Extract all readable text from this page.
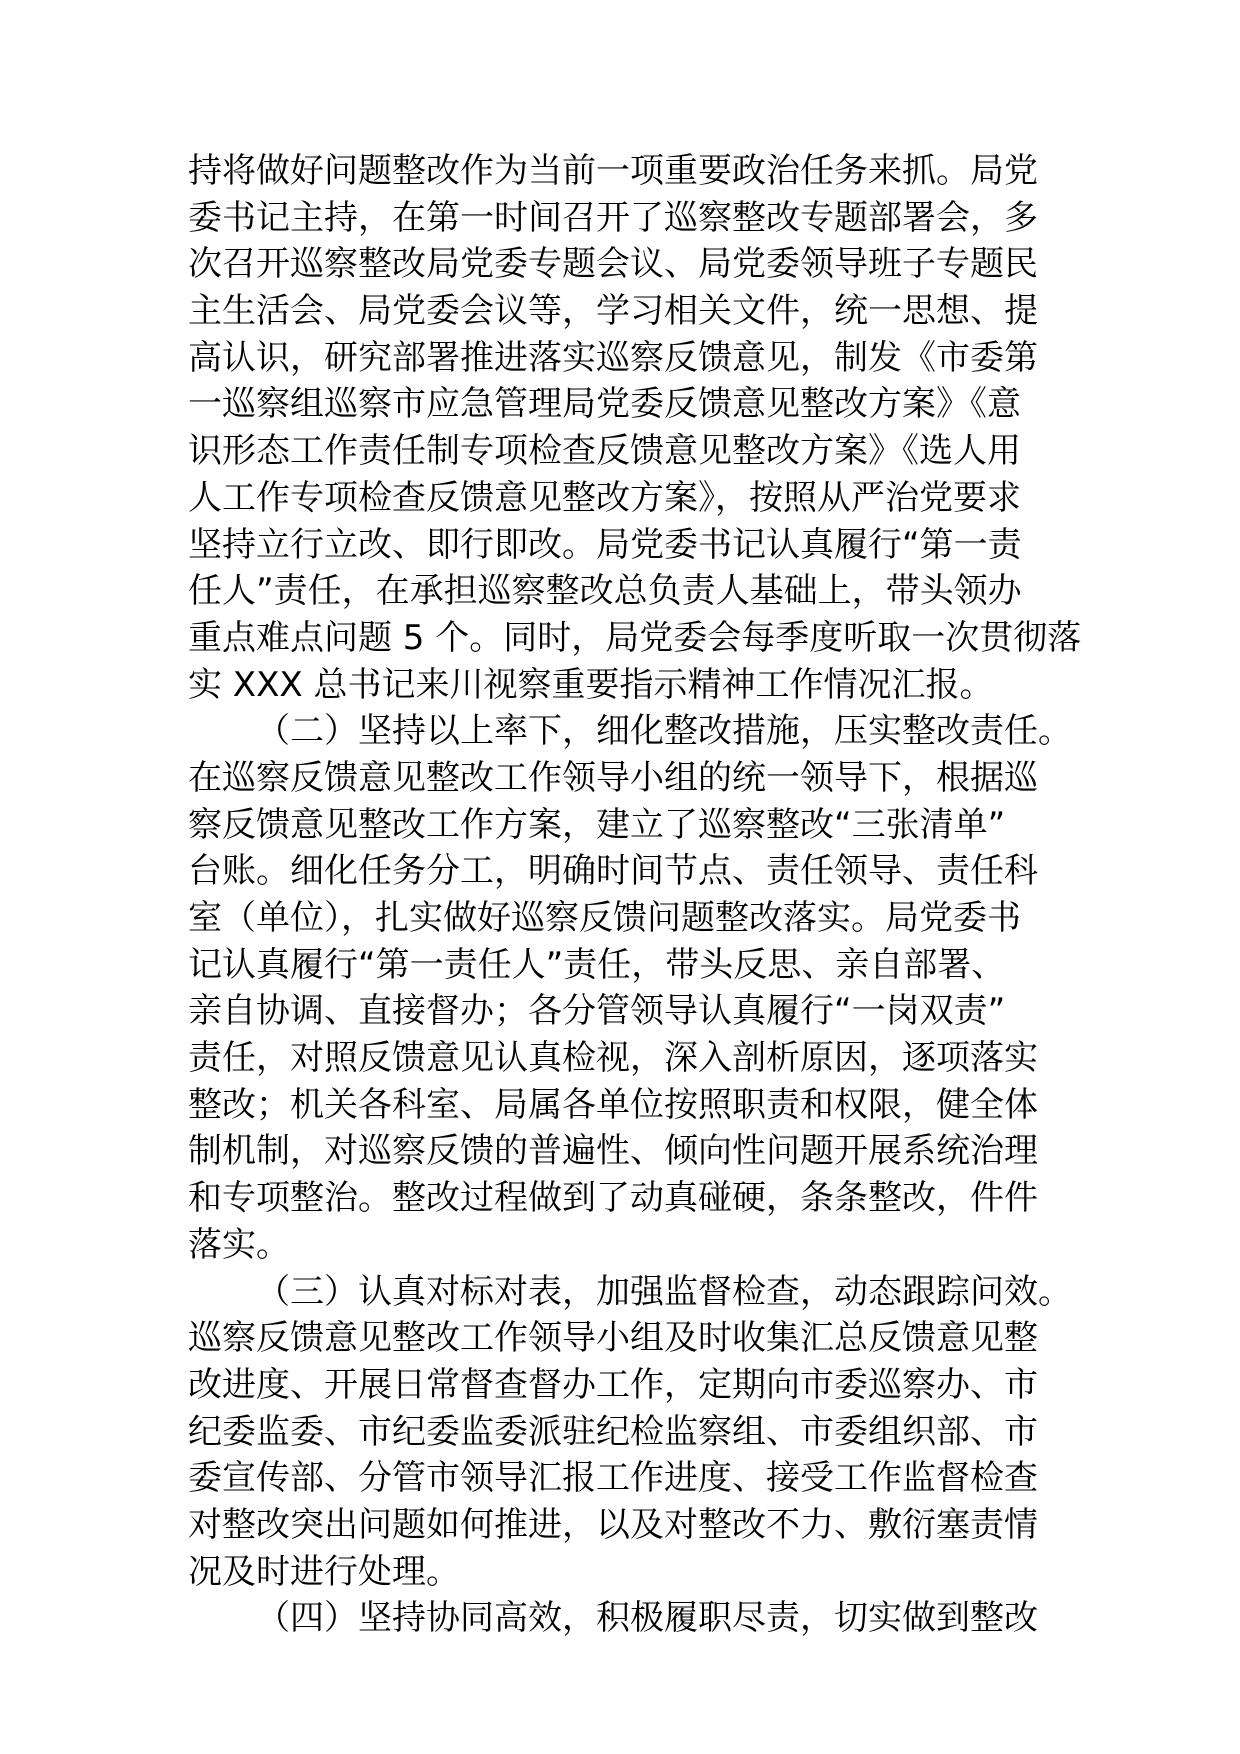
持将做好问题整改作为当前一项重要政治任务来抓。局党
委书记主持，在第一时间召开了巡察整改专题部署会，多
次召开巡察整改局党委专题会议、局党委领导班子专题民
主生活会、局党委会议等，学习相关文件，统一思想、提
高认识，研究部署推进落实巡察反馈意见，制发《市委第
一巡察组巡察市应急管理局党委反馈意见整改方案》《意
识形态工作责任制专项检查反馈意见整改方案》《选人用
人工作专项检查反馈意见整改方案》，按照从严治党要求
坚持立行立改、即行即改。局党委书记认真履行“第一责
任人”责任，在承担巡察整改总负责人基础上，带头领办
重点难点问题 5 个。同时，局党委会每季度听取一次贯彻落
实 XXX 总书记来川视察重要指示精神工作情况汇报。
（二）坚持以上率下，细化整改措施，压实整改责任。
在巡察反馈意见整改工作领导小组的统一领导下，根据巡
察反馈意见整改工作方案，建立了巡察整改“三张清单”
台账。细化任务分工，明确时间节点、责任领导、责任科
室（单位），扎实做好巡察反馈问题整改落实。局党委书
记认真履行“第一责任人”责任，带头反思、亲自部署、
亲自协调、直接督办；各分管领导认真履行“一岗双责”
责任，对照反馈意见认真检视，深入剖析原因，逐项落实
整改；机关各科室、局属各单位按照职责和权限，健全体
制机制，对巡察反馈的普遍性、倾向性问题开展系统治理
和专项整治。整改过程做到了动真碰硬，条条整改，件件
落实。
（三）认真对标对表，加强监督检查，动态跟踪问效。
巡察反馈意见整改工作领导小组及时收集汇总反馈意见整
改进度、开展日常督查督办工作，定期向市委巡察办、市
纪委监委、市纪委监委派驻纪检监察组、市委组织部、市
委宣传部、分管市领导汇报工作进度、接受工作监督检查
对整改突出问题如何推进，以及对整改不力、敷衍塞责情
况及时进行处理。
（四）坚持协同高效，积极履职尽责，切实做到整改
